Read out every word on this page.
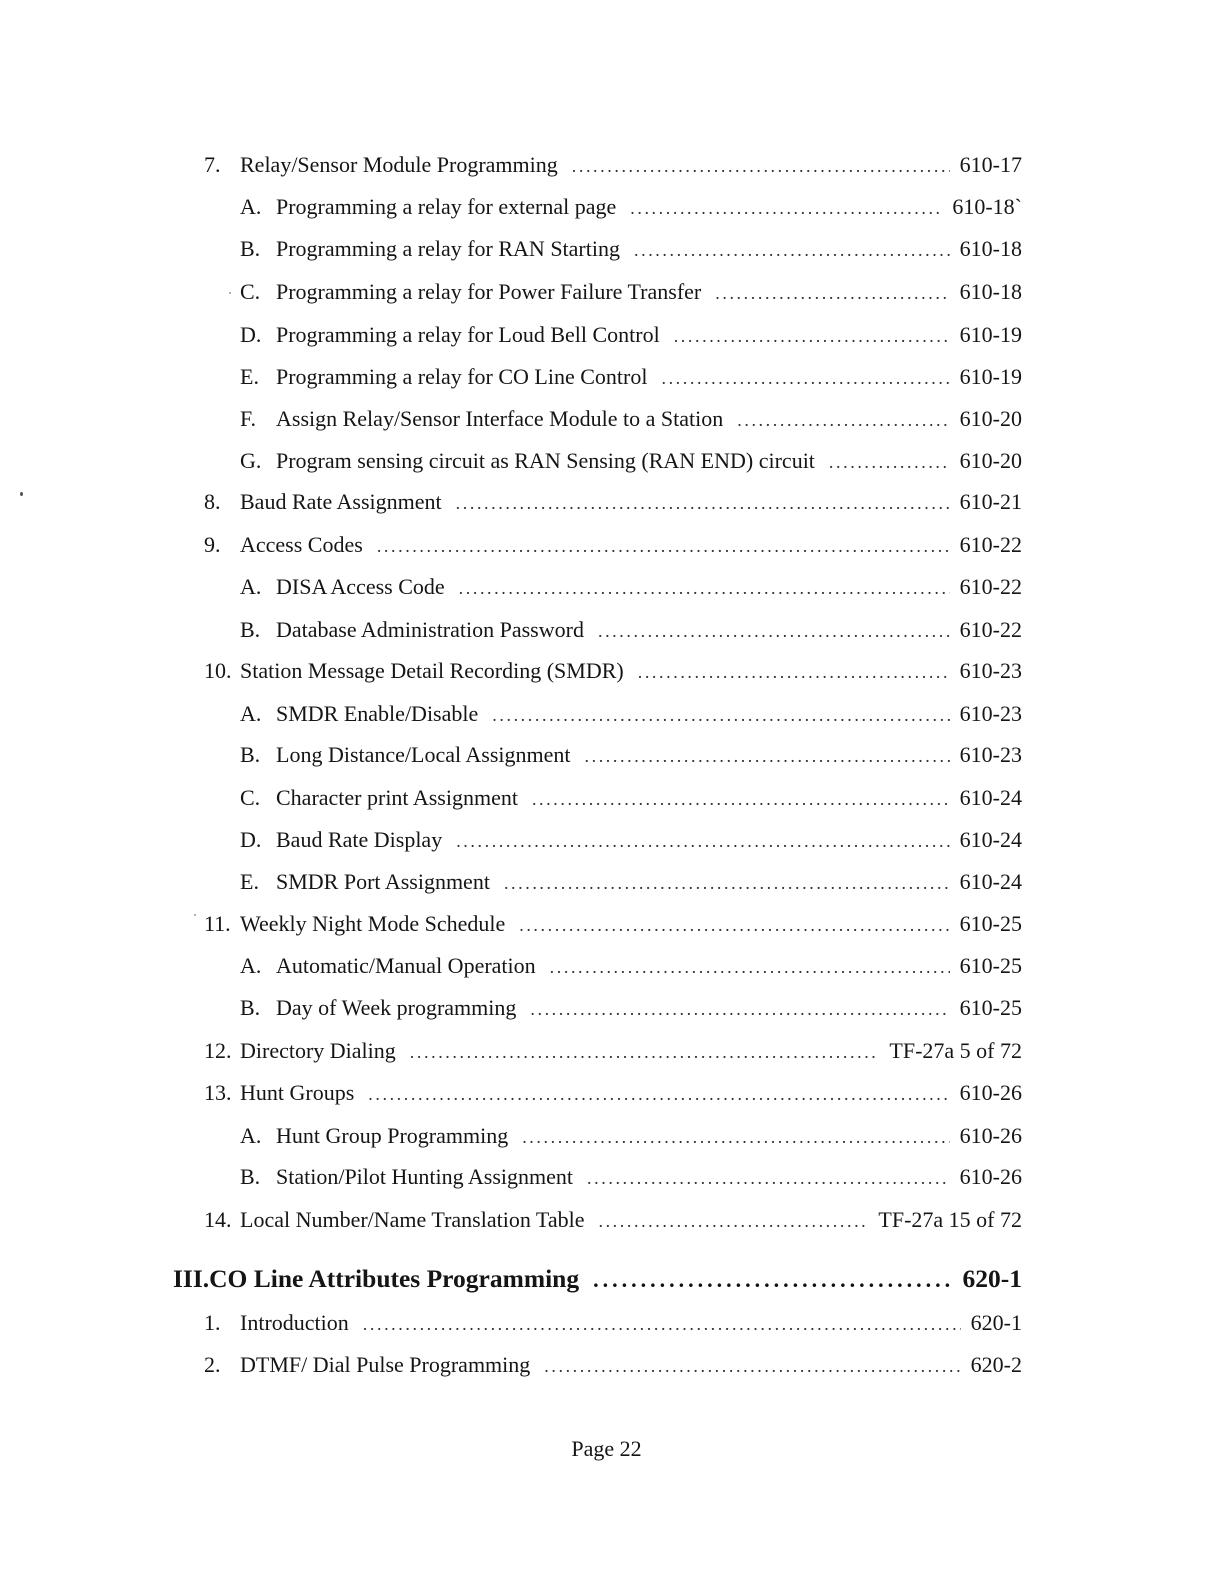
7. Relay/Sensor Module Programming .....	610-17
A. Programming a relay for external page .....	610-18`
B. Programming a relay for RAN Starting .....	610-18
C. Programming a relay for Power Failure Transfer .....	610-18
D. Programming a relay for Loud Bell Control .....	610-19
E. Programming a relay for CO Line Control .....	610-19
F. Assign Relay/Sensor Interface Module to a Station .....	610-20
G. Program sensing circuit as RAN Sensing (RAN END) circuit .....	610-20
8. Baud Rate Assignment .....	610-21
9. Access Codes .....	610-22
A. DISA Access Code .....	610-22
B. Database Administration Password .....	610-22
10. Station Message Detail Recording (SMDR) .....	610-23
A. SMDR Enable/Disable .....	610-23
B. Long Distance/Local Assignment .....	610-23
C. Character print Assignment .....	610-24
D. Baud Rate Display .....	610-24
E. SMDR Port Assignment .....	610-24
11. Weekly Night Mode Schedule .....	610-25
A. Automatic/Manual Operation .....	610-25
B. Day of Week programming .....	610-25
12. Directory Dialing .....	TF-27a 5 of 72
13. Hunt Groups .....	610-26
A. Hunt Group Programming .....	610-26
B. Station/Pilot Hunting Assignment .....	610-26
14. Local Number/Name Translation Table .....	TF-27a 15 of 72
III.CO Line Attributes Programming .....	620-1
1. Introduction .....	620-1
2. DTMF/ Dial Pulse Programming .....	620-2
Page 22
